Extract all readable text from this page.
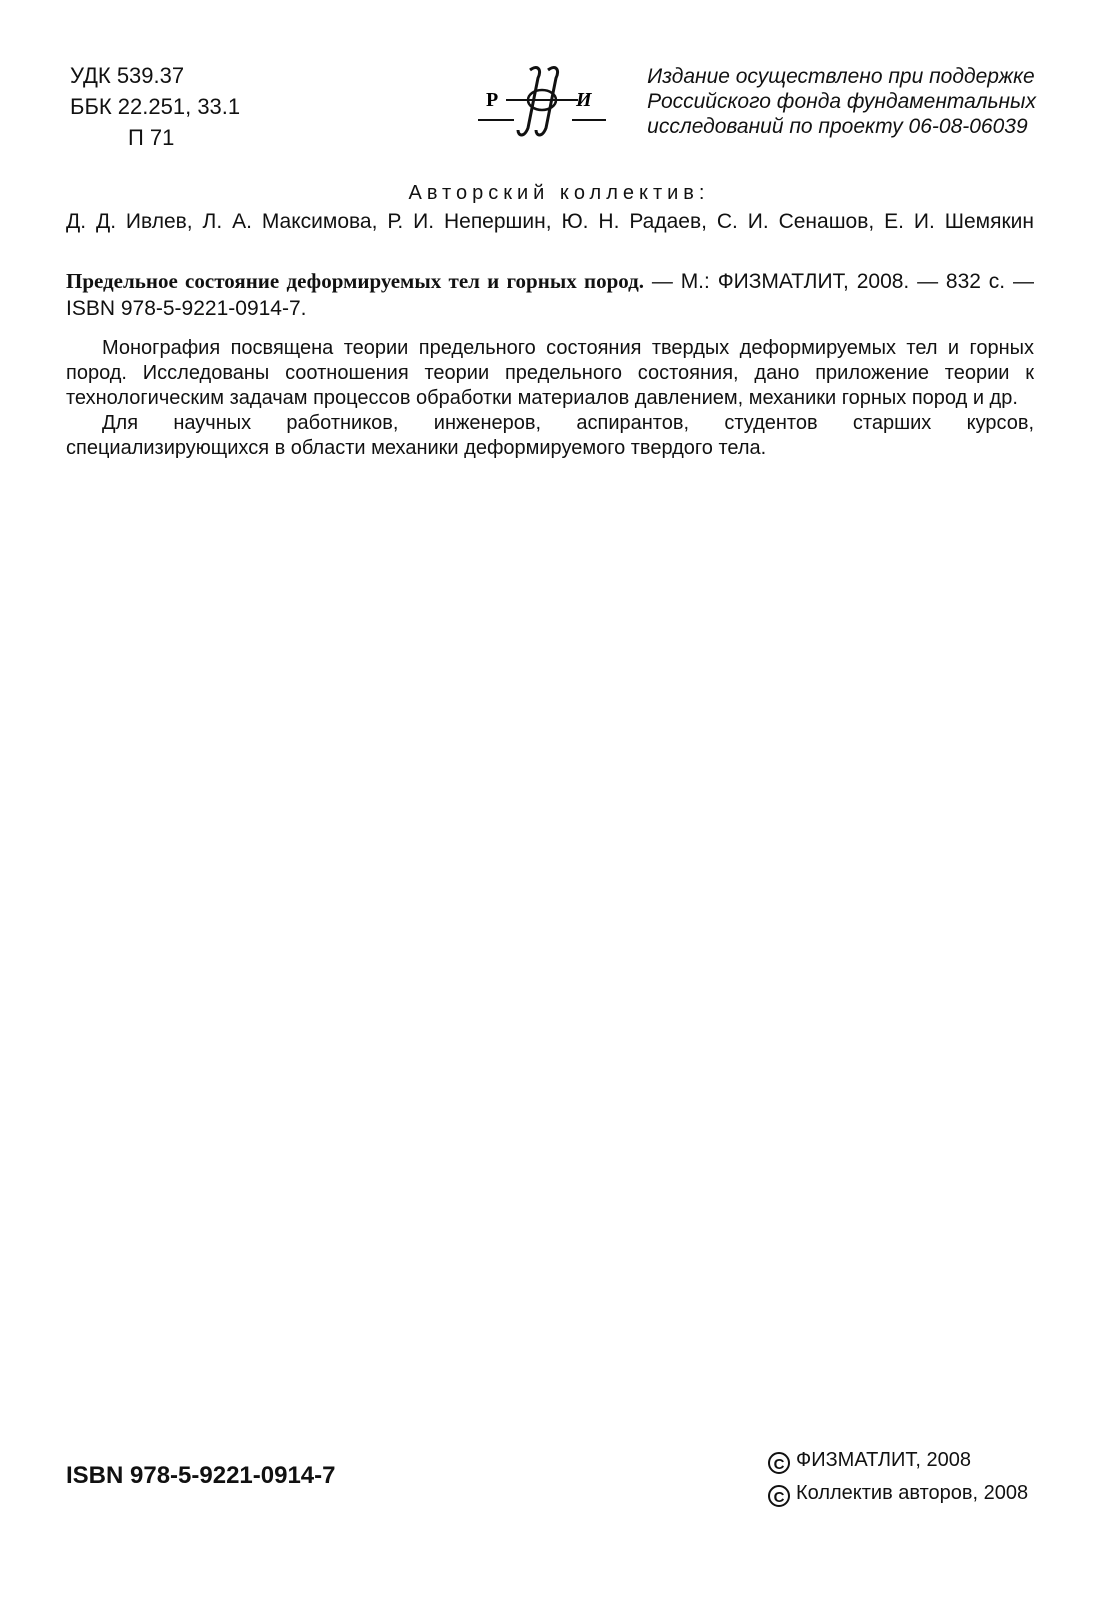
УДК 539.37
ББК 22.251, 33.1
П 71
Р	И
Издание осуществлено при поддержке
Российского фонда фундаментальных
исследований по проекту 06-08-06039
Авторский коллектив:
Д. Д. Ивлев, Л. А. Максимова, Р. И. Непершин, Ю. Н. Радаев, С. И. Сенашов, Е. И. Шемякин
Предельное состояние деформируемых тел и горных пород. — М.: ФИЗМАТЛИТ, 2008. — 832 с. — ISBN 978-5-9221-0914-7.

Монография посвящена теории предельного состояния твердых деформируемых тел и горных пород. Исследованы соотношения теории предельного состояния, дано приложение теории к технологическим задачам процессов обработки материалов давлением, механики горных пород и др.

Для научных работников, инженеров, аспирантов, студентов старших курсов, специализирующихся в области механики деформируемого твердого тела.

ISBN 978-5-9221-0914-7	C ФИЗМАТЛИТ, 2008
C Коллектив авторов, 2008
